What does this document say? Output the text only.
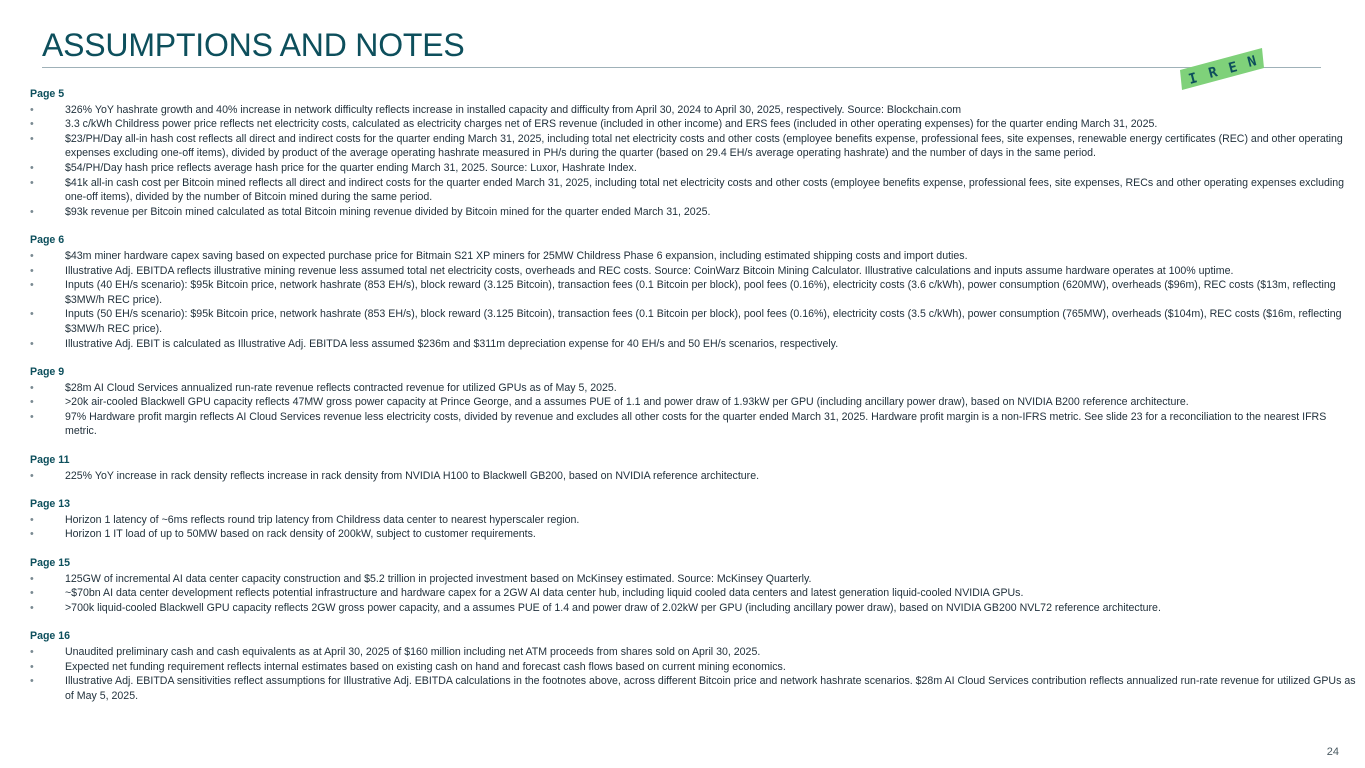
ASSUMPTIONS AND NOTES
I R E N
Page 5
•	326% YoY hashrate growth and 40% increase in network difficulty reflects increase in installed capacity and difficulty from April 30, 2024 to April 30, 2025, respectively. Source: Blockchain.com
•	3.3 c/kWh Childress power price reflects net electricity costs, calculated as electricity charges net of ERS revenue (included in other income) and ERS fees (included in other operating expenses) for the quarter ending March 31, 2025.
•	$23/PH/Day all-in hash cost reflects all direct and indirect costs for the quarter ending March 31, 2025, including total net electricity costs and other costs (employee benefits expense, professional fees, site expenses, renewable energy certificates (REC) and other operating expenses excluding one-off items), divided by product of the average operating hashrate measured in PH/s during the quarter (based on 29.4 EH/s average operating hashrate) and the number of days in the same period.
•	$54/PH/Day hash price reflects average hash price for the quarter ending March 31, 2025. Source: Luxor, Hashrate Index.
•	$41k all-in cash cost per Bitcoin mined reflects all direct and indirect costs for the quarter ended March 31, 2025, including total net electricity costs and other costs (employee benefits expense, professional fees, site expenses, RECs and other operating expenses excluding one-off items), divided by the number of Bitcoin mined during the same period.
•	$93k revenue per Bitcoin mined calculated as total Bitcoin mining revenue divided by Bitcoin mined for the quarter ended March 31, 2025.
Page 6
•	$43m miner hardware capex saving based on expected purchase price for Bitmain S21 XP miners for 25MW Childress Phase 6 expansion, including estimated shipping costs and import duties.
•	Illustrative Adj. EBITDA reflects illustrative mining revenue less assumed total net electricity costs, overheads and REC costs. Source: CoinWarz Bitcoin Mining Calculator. Illustrative calculations and inputs assume hardware operates at 100% uptime.
•	Inputs (40 EH/s scenario): $95k Bitcoin price, network hashrate (853 EH/s), block reward (3.125 Bitcoin), transaction fees (0.1 Bitcoin per block), pool fees (0.16%), electricity costs (3.6 c/kWh), power consumption (620MW), overheads ($96m), REC costs ($13m, reflecting $3MW/h REC price).
•	Inputs (50 EH/s scenario): $95k Bitcoin price, network hashrate (853 EH/s), block reward (3.125 Bitcoin), transaction fees (0.1 Bitcoin per block), pool fees (0.16%), electricity costs (3.5 c/kWh), power consumption (765MW), overheads ($104m), REC costs ($16m, reflecting $3MW/h REC price).
•	Illustrative Adj. EBIT is calculated as Illustrative Adj. EBITDA less assumed $236m and $311m depreciation expense for 40 EH/s and 50 EH/s scenarios, respectively.
Page 9
•	$28m AI Cloud Services annualized run-rate revenue reflects contracted revenue for utilized GPUs as of May 5, 2025.
•	>20k air-cooled Blackwell GPU capacity reflects 47MW gross power capacity at Prince George, and a assumes PUE of 1.1 and power draw of 1.93kW per GPU (including ancillary power draw), based on NVIDIA B200 reference architecture.
•	97% Hardware profit margin reflects AI Cloud Services revenue less electricity costs, divided by revenue and excludes all other costs for the quarter ended March 31, 2025. Hardware profit margin is a non-IFRS metric. See slide 23 for a reconciliation to the nearest IFRS metric.
Page 11
•	225% YoY increase in rack density reflects increase in rack density from NVIDIA H100 to Blackwell GB200, based on NVIDIA reference architecture.
Page 13
•	Horizon 1 latency of ~6ms reflects round trip latency from Childress data center to nearest hyperscaler region.
•	Horizon 1 IT load of up to 50MW based on rack density of 200kW, subject to customer requirements.
Page 15
•	125GW of incremental AI data center capacity construction and $5.2 trillion in projected investment based on McKinsey estimated. Source: McKinsey Quarterly.
•	~$70bn AI data center development reflects potential infrastructure and hardware capex for a 2GW AI data center hub, including liquid cooled data centers and latest generation liquid-cooled NVIDIA GPUs.
•	>700k liquid-cooled Blackwell GPU capacity reflects 2GW gross power capacity, and a assumes PUE of 1.4 and power draw of 2.02kW per GPU (including ancillary power draw), based on NVIDIA GB200 NVL72 reference architecture.
Page 16
•	Unaudited preliminary cash and cash equivalents as at April 30, 2025 of $160 million including net ATM proceeds from shares sold on April 30, 2025.
•	Expected net funding requirement reflects internal estimates based on existing cash on hand and forecast cash flows based on current mining economics.
•	Illustrative Adj. EBITDA sensitivities reflect assumptions for Illustrative Adj. EBITDA calculations in the footnotes above, across different Bitcoin price and network hashrate scenarios. $28m AI Cloud Services contribution reflects annualized run-rate revenue for utilized GPUs as of May 5, 2025.
24
